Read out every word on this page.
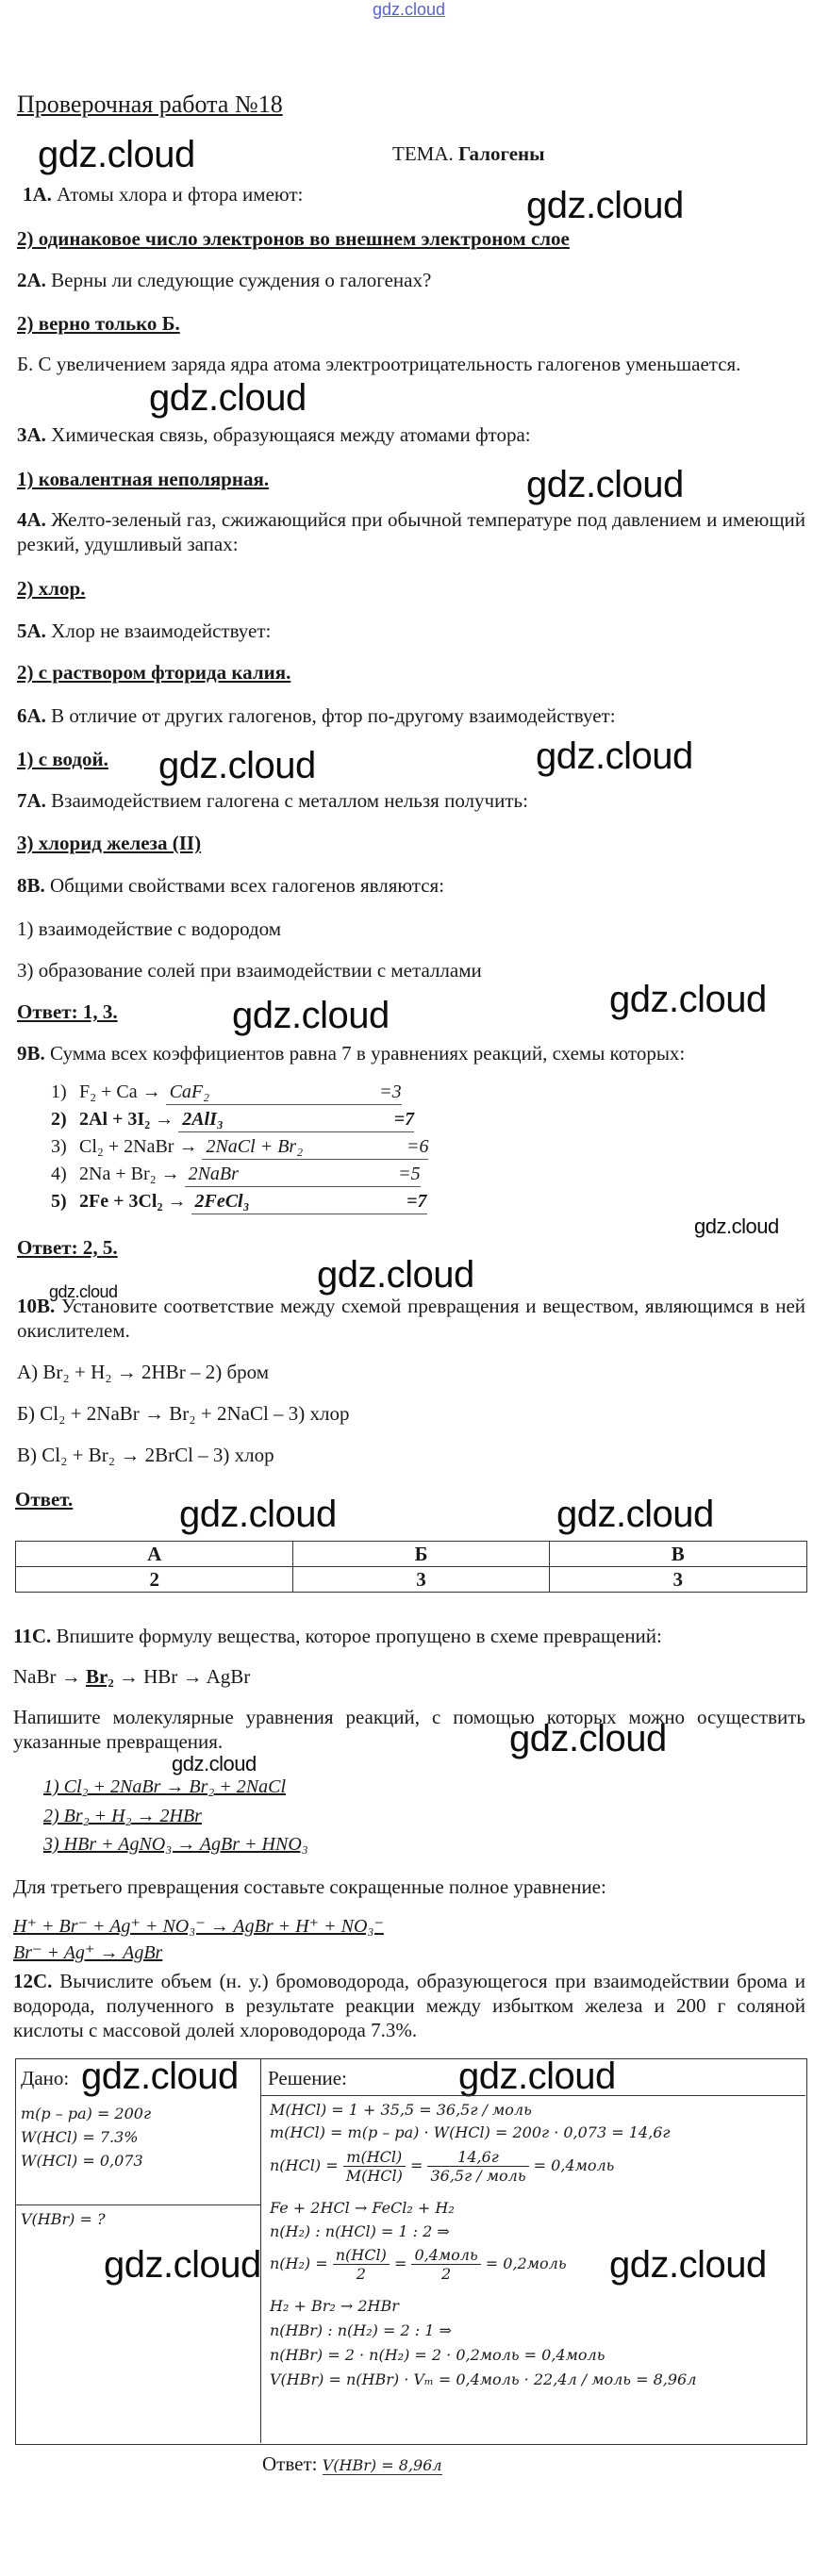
gdz.cloud
Проверочная работа №18
gdz.cloud
gdz.cloud
gdz.cloud
gdz.cloud
gdz.cloud	gdz.cloud
gdz.cloud	gdz.cloud
gdz.cloud
gdz.cloud
gdz.cloud
gdz.cloud	gdz.cloud
gdz.cloud
gdz.cloud
gdz.cloud	gdz.cloud
gdz.cloud	gdz.cloud
ТЕМА. Галогены
1А. Атомы хлора и фтора имеют:
2) одинаковое число электронов во внешнем электроном слое
2А. Верны ли следующие суждения о галогенах?
2) верно только Б.
Б. С увеличением заряда ядра атома электроотрицательность галогенов уменьшается.
3А. Химическая связь, образующаяся между атомами фтора:
1) ковалентная неполярная.
4А. Желто-зеленый газ, сжижающийся при обычной температуре под давлением и имеющий резкий, удушливый запах:
2) хлор.
5А. Хлор не взаимодействует:
2) с раствором фторида калия.
6А. В отличие от других галогенов, фтор по-другому взаимодействует:
1) с водой.
7А. Взаимодействием галогена с металлом нельзя получить:
3) хлорид железа (II)
8В. Общими свойствами всех галогенов являются:
1) взаимодействие с водородом
3) образование солей при взаимодействии с металлами
Ответ: 1, 3.
9В. Сумма всех коэффициентов равна 7 в уравнениях реакций, схемы которых:
1) F₂ + Ca → CaF₂	=3
2) 2Al + 3I₂ → 2AlI₃	=7
3) Cl₂ + 2NaBr → 2NaCl + Br₂	=6
4) 2Na + Br₂ → 2NaBr	=5
5) 2Fe + 3Cl₂ → 2FeCl₃	=7
Ответ: 2, 5.
10В. Установите соответствие между схемой превращения и веществом, являющимся в ней окислителем.
А) Br₂ + H₂ → 2HBr – 2) бром
Б) Cl₂ + 2NaBr → Br₂ + 2NaCl – 3) хлор
В) Cl₂ + Br₂ → 2BrCl – 3) хлор
Ответ.
А	Б	В
2	3	3
11С. Впишите формулу вещества, которое пропущено в схеме превращений:
NaBr → Br₂ → HBr → AgBr
Напишите молекулярные уравнения реакций, с помощью которых можно осуществить указанные превращения.
1) Cl₂ + 2NaBr → Br₂ + 2NaCl
2) Br₂ + H₂ → 2HBr
3) HBr + AgNO₃ → AgBr + HNO₃
Для третьего превращения составьте сокращенные полное уравнение:
H⁺ + Br⁻ + Ag⁺ + NO₃⁻ → AgBr + H⁺ + NO₃⁻
Br⁻ + Ag⁺ → AgBr
12С. Вычислите объем (н. у.) бромоводорода, образующегося при взаимодействии брома и водорода, полученного в результате реакции между избытком железа и 200 г соляной кислоты с массовой долей хлороводорода 7.3%.
Дано:	Решение:
m(p – pa) = 200г
W(HCl) = 7.3%
W(HCl) = 0,073
V(HBr) = ?
M(HCl) = 1 + 35,5 = 36,5г / моль
m(HCl) = m(p – pa) · W(HCl) = 200г · 0,073 = 14,6г
$n(HCl) = \frac{\text{m(HCl)}}{\text{M(HCl)}} = \frac{14,6г}{\text{36,5г / моль}}$ = 0,4моль
Fe + 2HCl → FeCl₂ + H₂
n(H₂) : n(HCl) = 1 : 2 ⇒
$n(H_2) = \frac{\text{n(HCl)}}{2} = \frac{\text{0,4моль}}{2}$ = 0,2моль
H₂ + Br₂ → 2HBr
n(HBr) : n(H₂) = 2 : 1 ⇒
n(HBr) = 2 · n(H₂) = 2 · 0,2моль = 0,4моль
V(HBr) = n(HBr) · Vₘ = 0,4моль · 22,4л / моль = 8,96л
Ответ: V(HBr) = 8,96л
